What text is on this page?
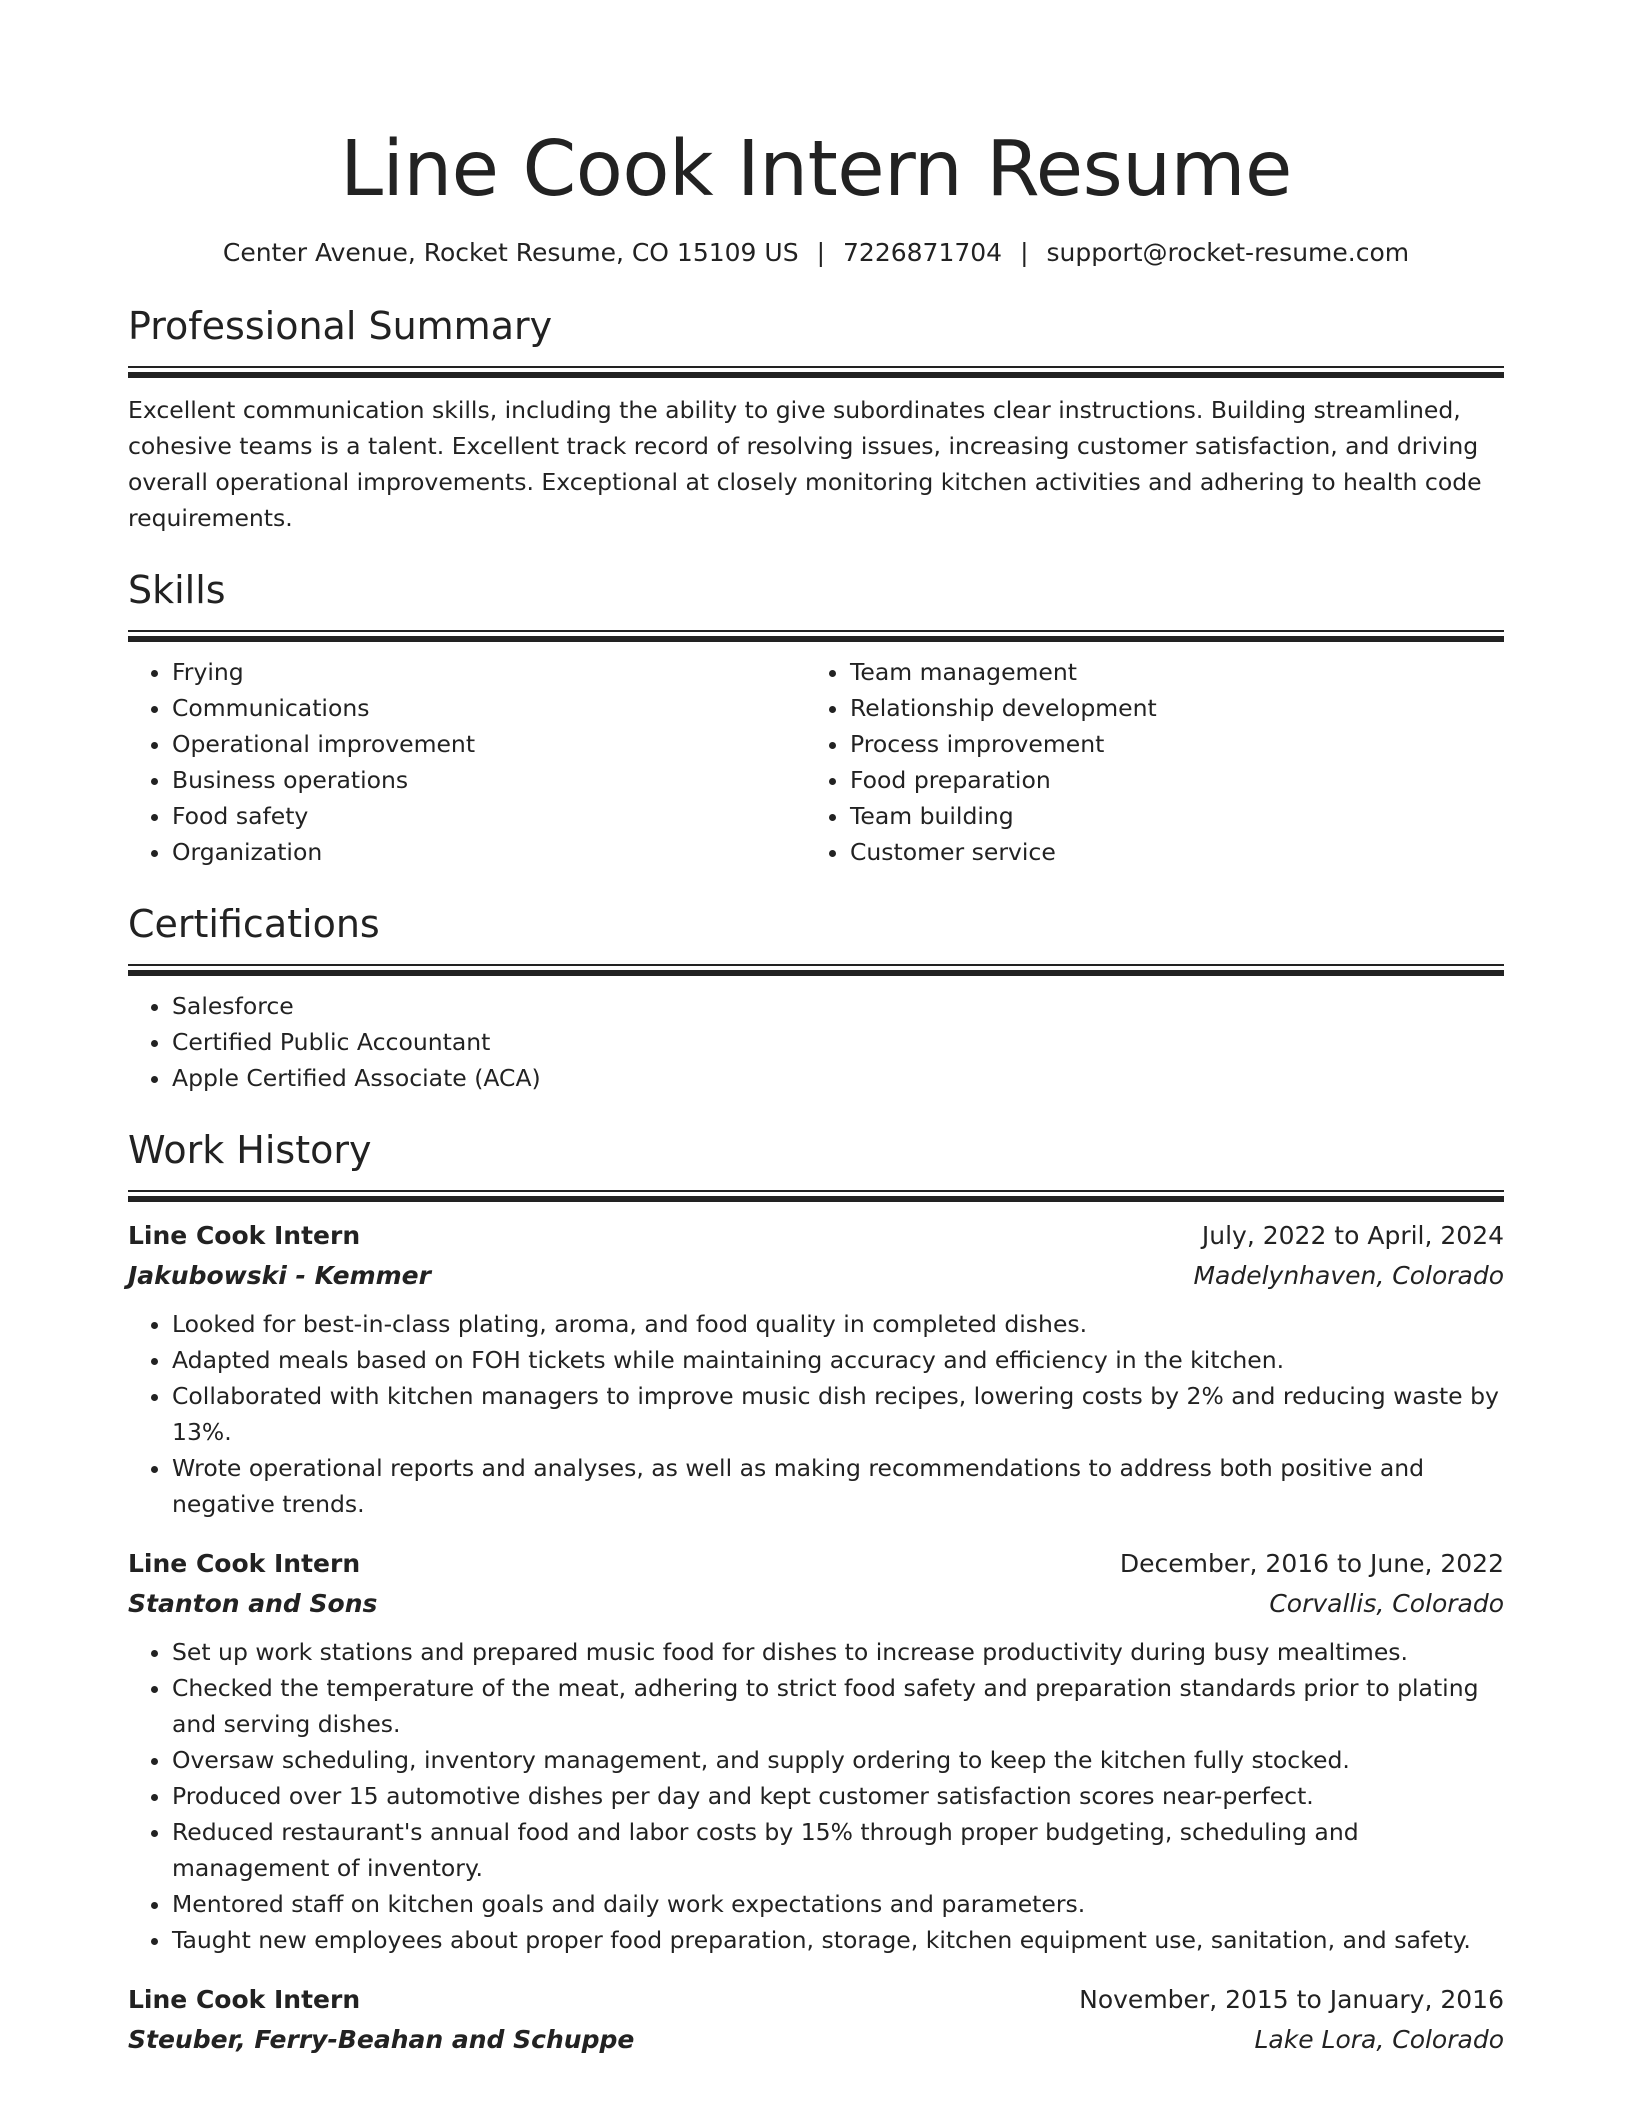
Line Cook Intern Resume
Center Avenue, Rocket Resume, CO 15109 US | 7226871704 | support@rocket-resume.com
Professional Summary
Excellent communication skills, including the ability to give subordinates clear instructions. Building streamlined, cohesive teams is a talent. Excellent track record of resolving issues, increasing customer satisfaction, and driving overall operational improvements. Exceptional at closely monitoring kitchen activities and adhering to health code requirements.
Skills
• Frying
• Communications
• Operational improvement
• Business operations
• Food safety
• Organization
• Team management
• Relationship development
• Process improvement
• Food preparation
• Team building
• Customer service
Certifications
• Salesforce
• Certified Public Accountant
• Apple Certified Associate (ACA)
Work History
Line Cook Intern	July, 2022 to April, 2024
Jakubowski - Kemmer	Madelynhaven, Colorado
• Looked for best-in-class plating, aroma, and food quality in completed dishes.
• Adapted meals based on FOH tickets while maintaining accuracy and efficiency in the kitchen.
• Collaborated with kitchen managers to improve music dish recipes, lowering costs by 2% and reducing waste by 13%.
• Wrote operational reports and analyses, as well as making recommendations to address both positive and negative trends.
Line Cook Intern	December, 2016 to June, 2022
Stanton and Sons	Corvallis, Colorado
• Set up work stations and prepared music food for dishes to increase productivity during busy mealtimes.
• Checked the temperature of the meat, adhering to strict food safety and preparation standards prior to plating and serving dishes.
• Oversaw scheduling, inventory management, and supply ordering to keep the kitchen fully stocked.
• Produced over 15 automotive dishes per day and kept customer satisfaction scores near-perfect.
• Reduced restaurant's annual food and labor costs by 15% through proper budgeting, scheduling and management of inventory.
• Mentored staff on kitchen goals and daily work expectations and parameters.
• Taught new employees about proper food preparation, storage, kitchen equipment use, sanitation, and safety.
Line Cook Intern	November, 2015 to January, 2016
Steuber, Ferry-Beahan and Schuppe	Lake Lora, Colorado
